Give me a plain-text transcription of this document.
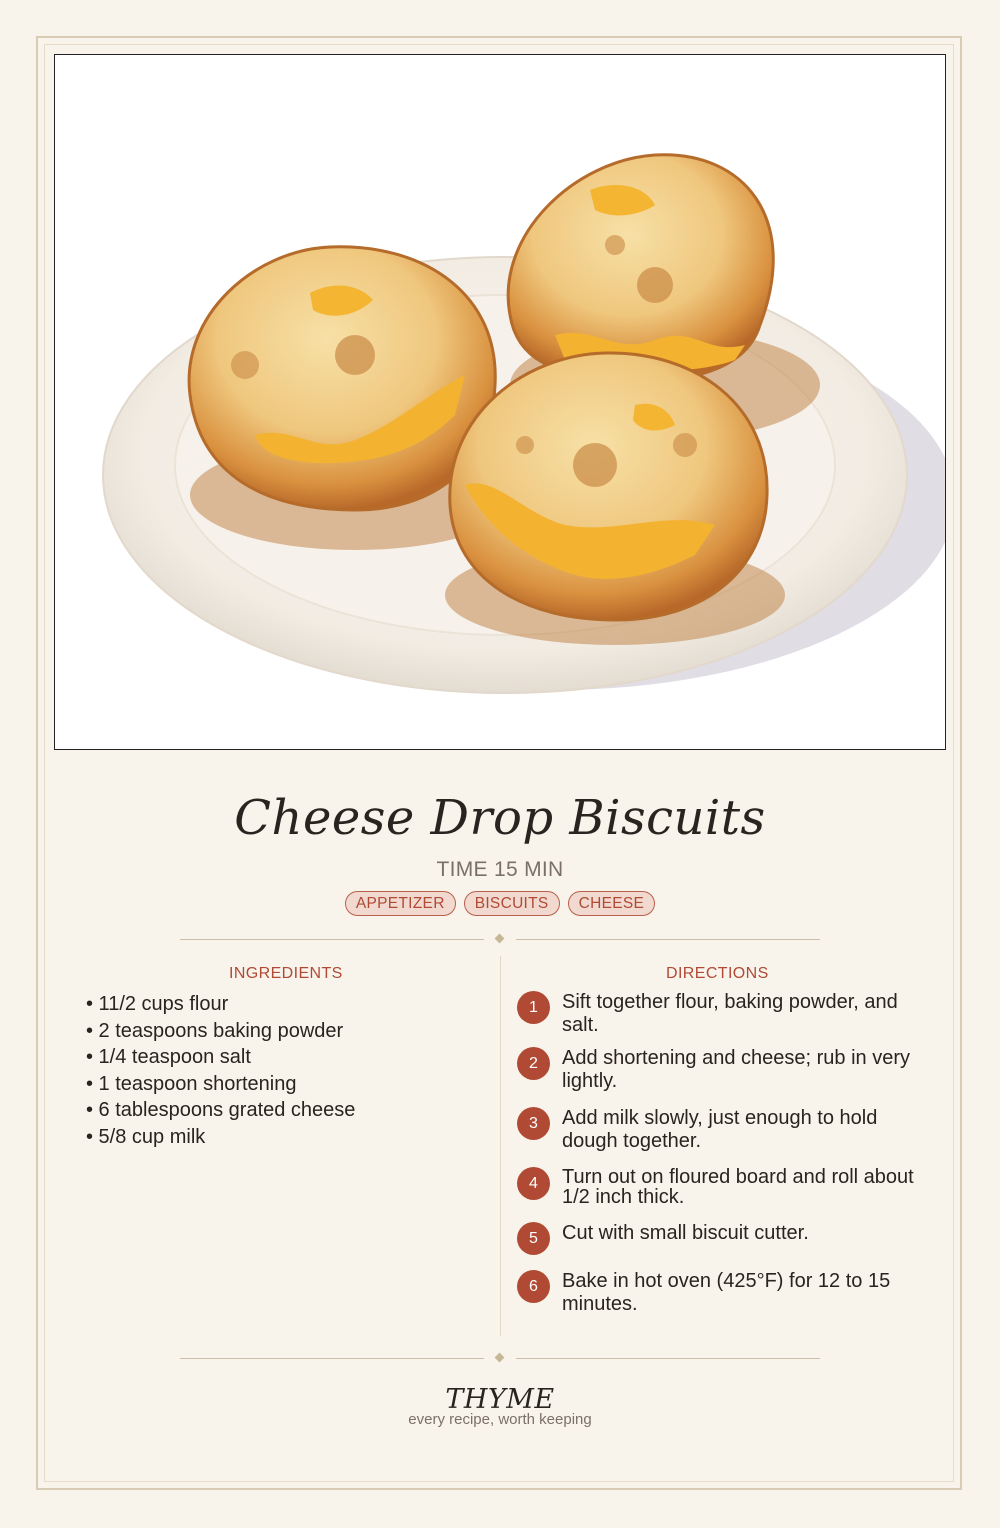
Cheese Drop Biscuits
TIME 15 MIN
APPETIZER	BISCUITS	CHEESE
INGREDIENTS
• 11/2 cups flour
• 2 teaspoons baking powder
• 1/4 teaspoon salt
• 1 teaspoon shortening
• 6 tablespoons grated cheese
• 5/8 cup milk
DIRECTIONS
1	Sift together flour, baking powder, and salt.
2	Add shortening and cheese; rub in very lightly.
3	Add milk slowly, just enough to hold dough together.
4	Turn out on floured board and roll about 1/2 inch thick.
5	Cut with small biscuit cutter.
6	Bake in hot oven (425°F) for 12 to 15 minutes.
THYME
every recipe, worth keeping
